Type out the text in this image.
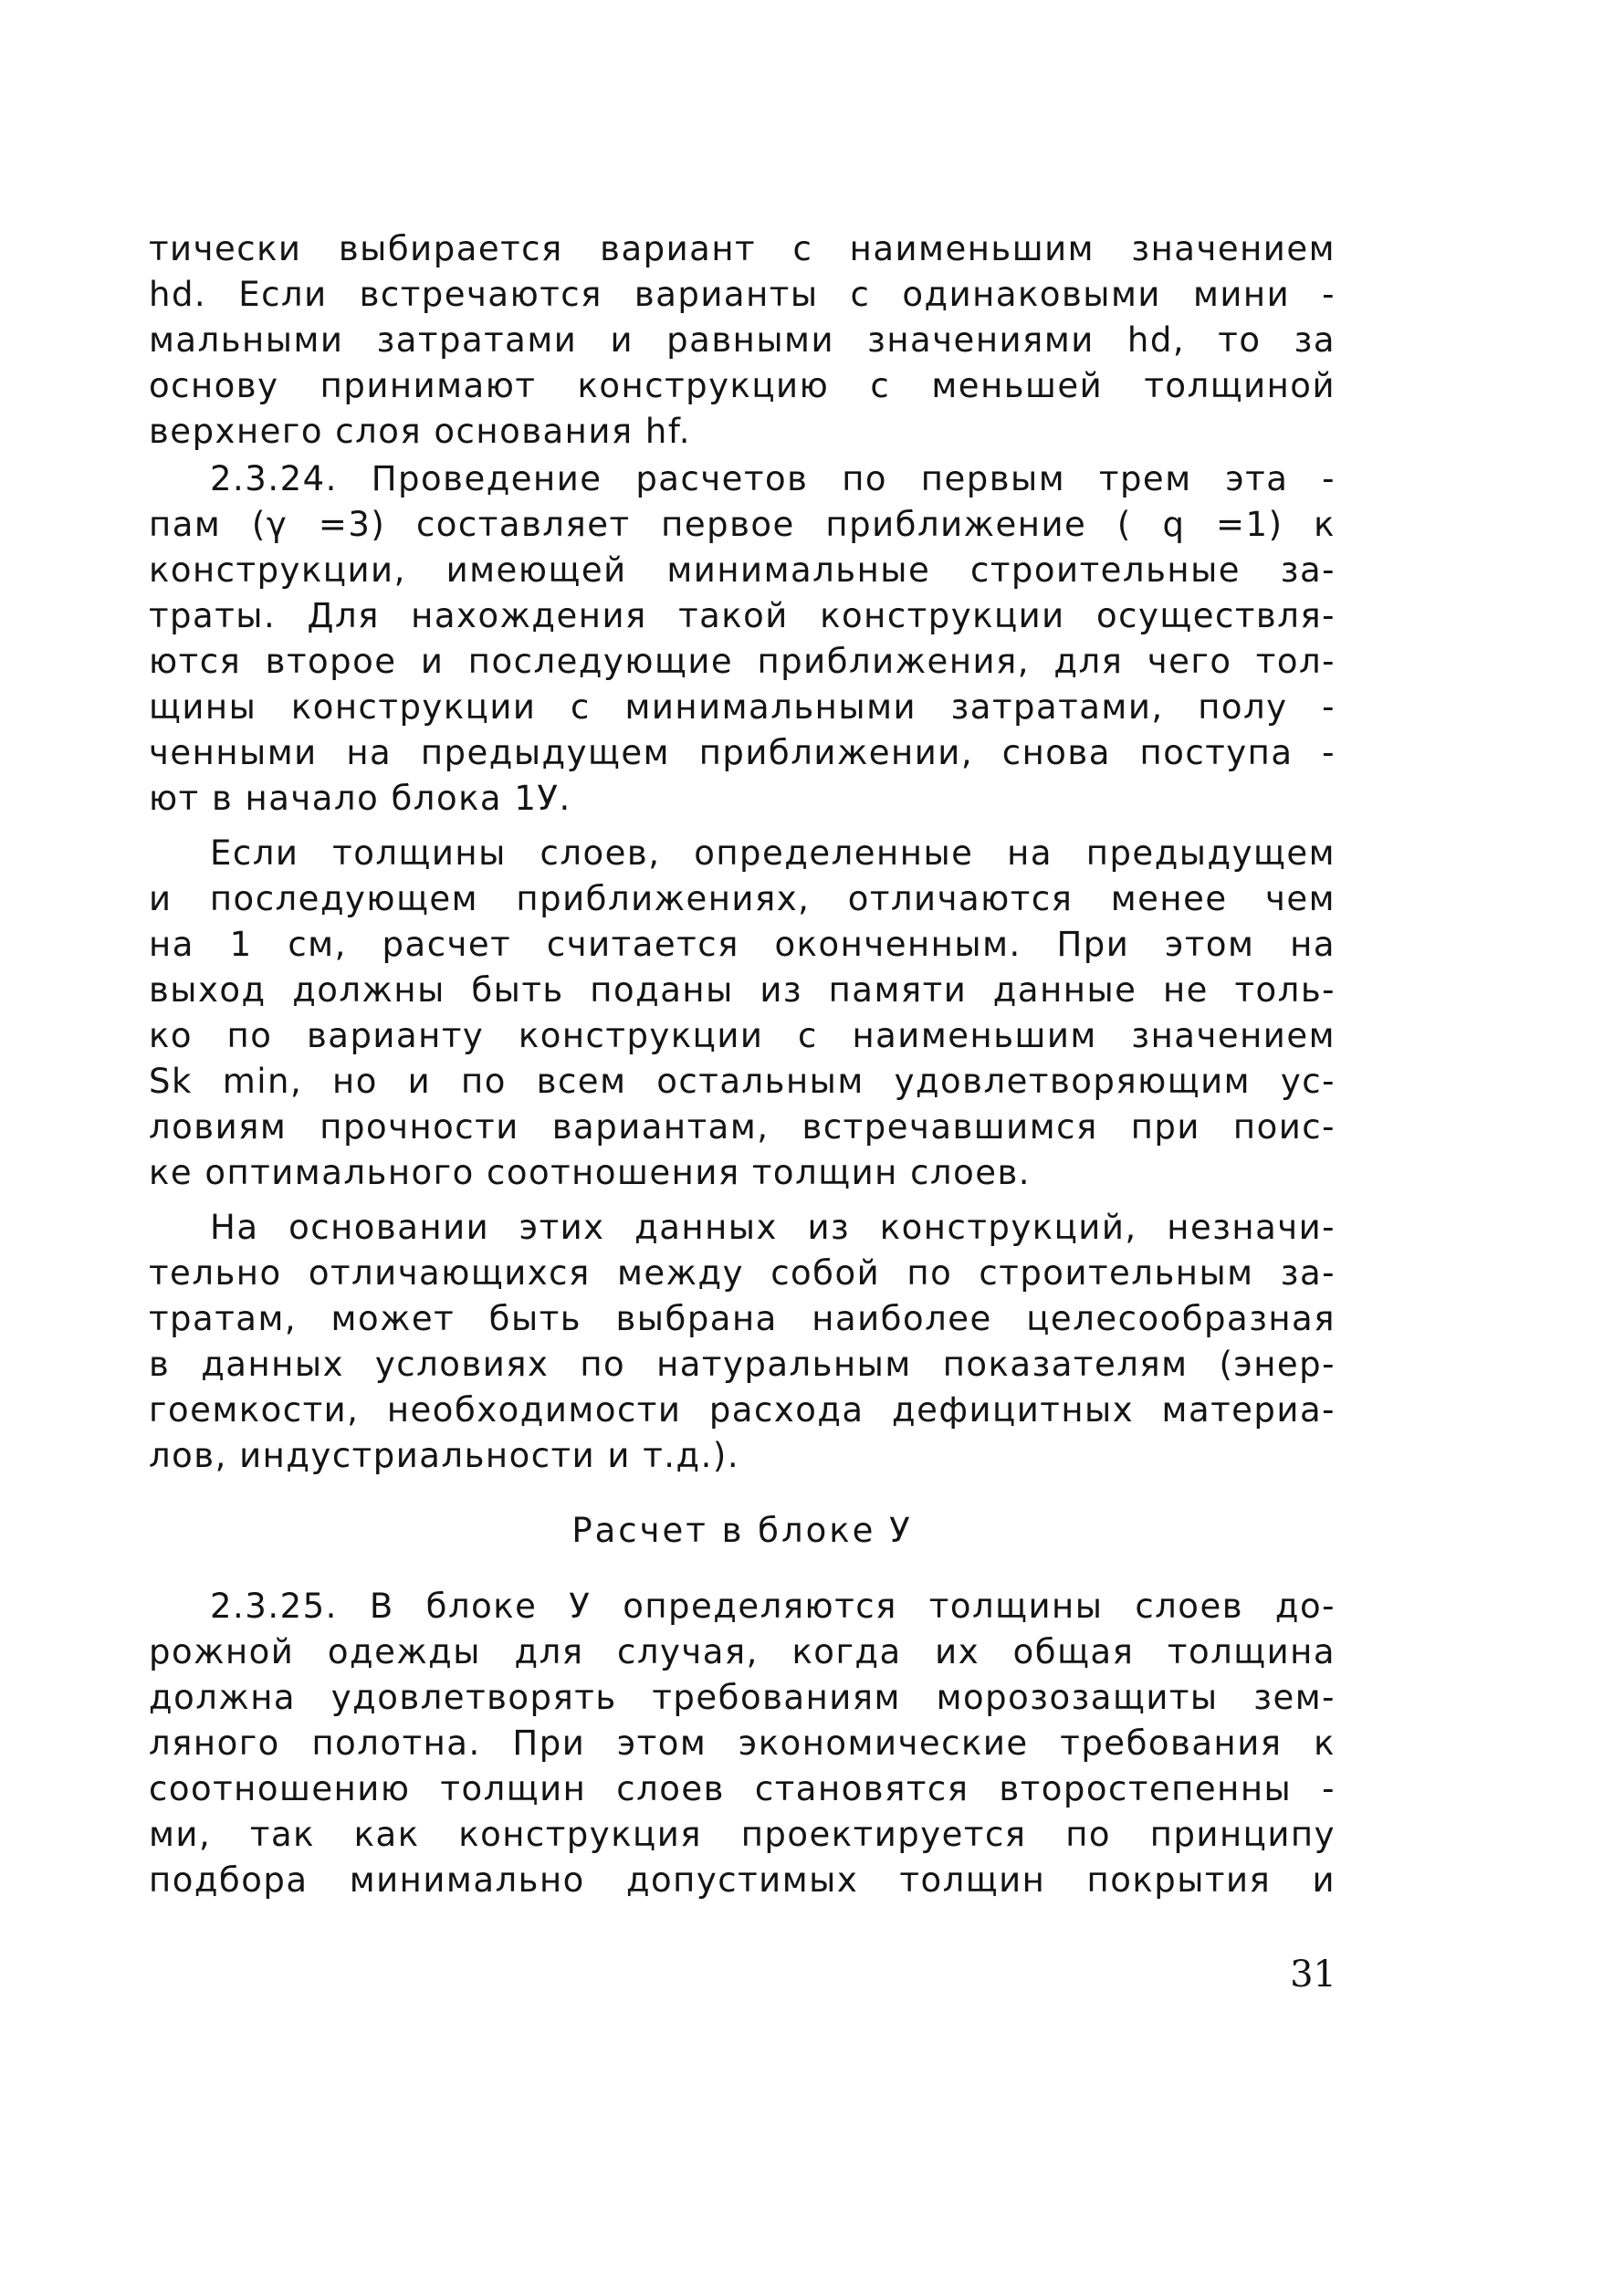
тически выбирается вариант с наименьшим значением
hd. Если встречаются варианты с одинаковыми мини -
мальными затратами и равными значениями hd, то за
основу принимают конструкцию с меньшей толщиной
верхнего слоя основания hf.
2.3.24. Проведение расчетов по первым трем эта -
пам (γ =3) составляет первое приближение ( q =1) к
конструкции, имеющей минимальные строительные за-
траты. Для нахождения такой конструкции осуществля-
ются второе и последующие приближения, для чего тол-
щины конструкции с минимальными затратами, полу -
ченными на предыдущем приближении, снова поступа -
ют в начало блока 1У.
Если толщины слоев, определенные на предыдущем
и последующем приближениях, отличаются менее чем
на 1 см, расчет считается оконченным. При этом на
выход должны быть поданы из памяти данные не толь-
ко по варианту конструкции с наименьшим значением
Sk min, но и по всем остальным удовлетворяющим ус-
ловиям прочности вариантам, встречавшимся при поис-
ке оптимального соотношения толщин слоев.
На основании этих данных из конструкций, незначи-
тельно отличающихся между собой по строительным за-
тратам, может быть выбрана наиболее целесообразная
в данных условиях по натуральным показателям (энер-
гоемкости, необходимости расхода дефицитных материа-
лов, индустриальности и т.д.).
Расчет в блоке У
2.3.25. В блоке У определяются толщины слоев до-
рожной одежды для случая, когда их общая толщина
должна удовлетворять требованиям морозозащиты зем-
ляного полотна. При этом экономические требования к
соотношению толщин слоев становятся второстепенны -
ми, так как конструкция проектируется по принципу
подбора минимально допустимых толщин покрытия и
31
